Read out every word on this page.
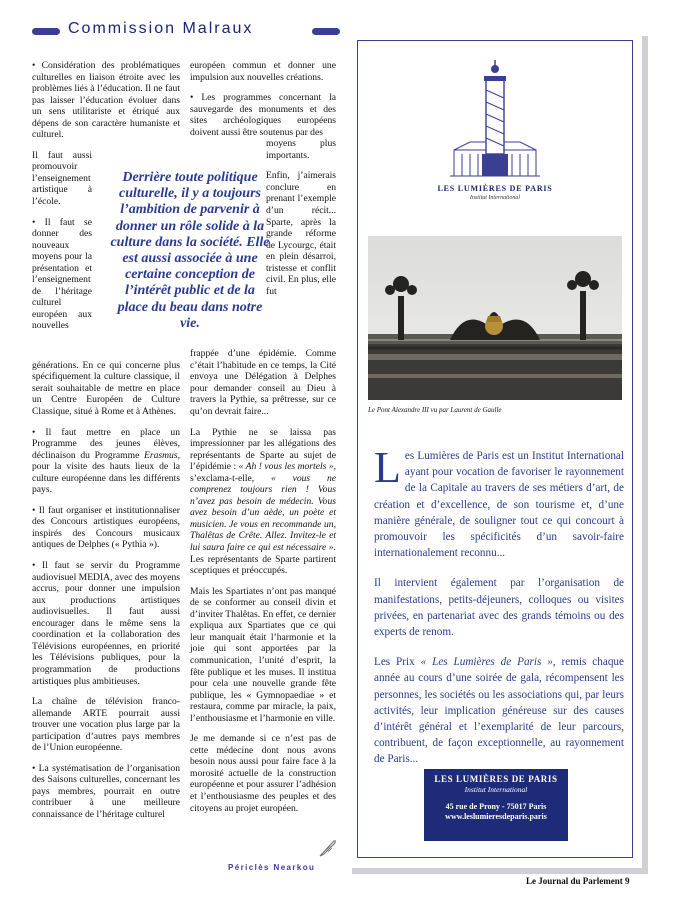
Commission Malraux

• Considération des problématiques culturelles en liaison étroite avec les problèmes liés à l’éducation. Il ne faut pas laisser l’éducation évoluer dans un sens utilitariste et étriqué aux dépens de son caractère humaniste et culturel.

Il faut aussi promouvoir l’enseignement artistique à l’école.

• Il faut se donner des nouveaux moyens pour la présentation et l’enseignement de l’héritage culturel européen aux nouvelles

générations. En ce qui concerne plus spécifiquement la culture classique, il serait souhaitable de mettre en place un Centre Européen de Culture Classique, situé à Rome et à Athènes.

• Il faut mettre en place un Programme des jeunes élèves, déclinaison du Programme Erasmus, pour la visite des hauts lieux de la culture européenne dans les différents pays.

• Il faut organiser et institutionnaliser des Concours artistiques européens, inspirés des Concours musicaux antiques de Delphes (« Pythia »).

• Il faut se servir du Programme audiovisuel MEDIA, avec des moyens accrus, pour donner une impulsion aux productions artistiques audiovisuelles. Il faut aussi encourager dans le même sens la coordination et la collaboration des Télévisions européennes, en priorité les Télévisions publiques, pour la programmation de productions artistiques plus ambitieuses.

La chaîne de télévision franco-allemande ARTE pourrait aussi trouver une vocation plus large par la participation d’autres pays membres de l’Union européenne.

• La systématisation de l’organisation des Saisons culturelles, concernant les pays membres, pourrait en outre contribuer à une meilleure connaissance de l’héritage culturel

européen commun et donner une impulsion aux nouvelles créations.

• Les programmes concernant la sauvegarde des monuments et des sites archéologiques européens doivent aussi être soutenus par des

moyens plus importants.

Enfin, j’aimerais conclure en prenant l’exemple d’un récit... Sparte, après la grande réforme de Lycourgc, était en plein désarroi, tristesse et conflit civil. En plus, elle fut

frappée d’une épidémie. Comme c’était l’habitude en ce temps, la Cité envoya une Délégation à Delphes pour demander conseil au Dieu à travers la Pythie, sa prêtresse, sur ce qu’on devrait faire...

La Pythie ne se laissa pas impressionner par les allégations des représentants de Sparte au sujet de l’épidémie : « Ah ! vous les mortels », s’exclama-t-elle, « vous ne comprenez toujours rien ! Vous n’avez pas besoin de médecin. Vous avez besoin d’un aède, un poète et musicien. Je vous en recommande un, Thalêtas de Crête. Allez. Invitez-le et lui saura faire ce qui est nécessaire ». Les représentants de Sparte partirent sceptiques et préoccupés.

Mais les Spartiates n’ont pas manqué de se conformer au conseil divin et d’inviter Thalêtas. En effet, ce dernier expliqua aux Spartiates que ce qui leur manquait était l’harmonie et la joie qui sont apportées par la communication, l’unité d’esprit, la fête publique et les muses. Il institua pour cela une nouvelle grande fête publique, les « Gymnopaediae » et restaura, comme par miracle, la paix, l’enthousiasme et l’harmonie en ville.

Je me demande si ce n’est pas de cette médecine dont nous avons besoin nous aussi pour faire face à la morosité actuelle de la construction européenne et pour assurer l’adhésion et l’enthousiasme des peuples et des citoyens au projet européen.

Derrière toute politique culturelle, il y a toujours l’ambition de parvenir à donner un rôle solide à la culture dans la société. Elle est aussi associée à une certaine conception de l’intérêt public et de la place du beau dans notre vie.
Périclès Nearkou
LES LUMIÈRES DE PARIS
Institut International
Le Pont Alexandre III vu par Laurent de Gaulle

Les Lumières de Paris est un Institut International ayant pour vocation de favoriser le rayonnement de la Capitale au travers de ses métiers d’art, de création et d’excellence, de son tourisme et, d’une manière générale, de souligner tout ce qui concourt à promouvoir les spécificités d’un savoir-faire internationalement reconnu...

Il intervient également par l’organisation de manifestations, petits-déjeuners, colloques ou visites privées, en partenariat avec des grands témoins ou des experts de renom.

Les Prix « Les Lumières de Paris », remis chaque année au cours d’une soirée de gala, récompensent les personnes, les sociétés ou les associations qui, par leurs activités, leur implication généreuse sur des causes d’intérêt général et l’exemplarité de leur parcours, contribuent, de façon exceptionnelle, au rayonnement de Paris...

LES LUMIÈRES DE PARIS
Institut International
45 rue de Prony - 75017 Paris
www.leslumieresdeparis.paris
Le Journal du Parlement 9
